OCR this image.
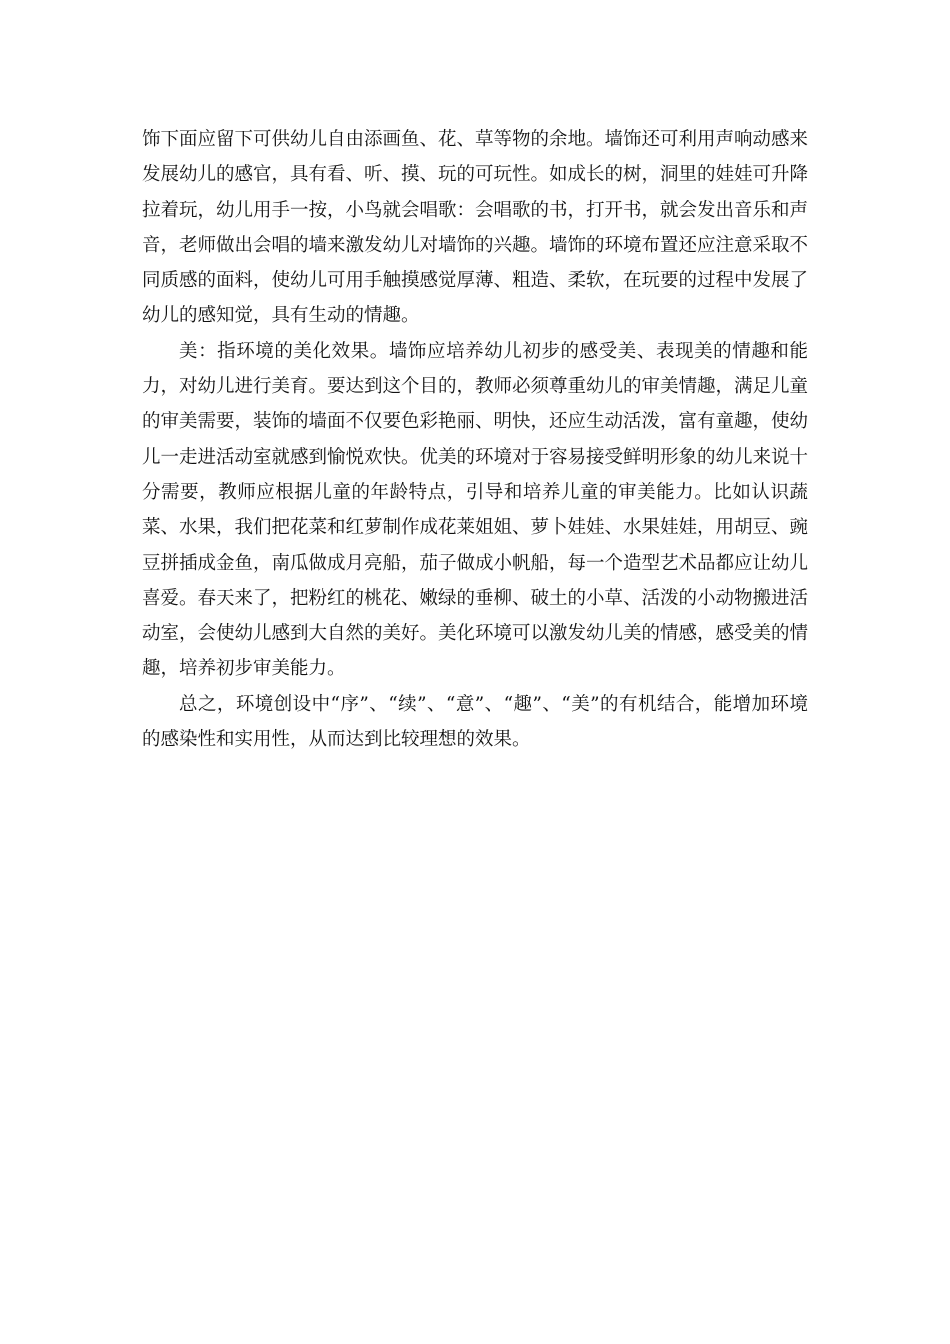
饰下面应留下可供幼儿自由添画鱼、花、草等物的余地。墙饰还可利用声响动感来发展幼儿的感官，具有看、听、摸、玩的可玩性。如成长的树，洞里的娃娃可升降拉着玩，幼儿用手一按，小鸟就会唱歌：会唱歌的书，打开书，就会发出音乐和声音，老师做出会唱的墙来激发幼儿对墙饰的兴趣。墙饰的环境布置还应注意采取不同质感的面料，使幼儿可用手触摸感觉厚薄、粗造、柔软，在玩要的过程中发展了幼儿的感知觉，具有生动的情趣。

美：指环境的美化效果。墙饰应培养幼儿初步的感受美、表现美的情趣和能力，对幼儿进行美育。要达到这个目的，教师必须尊重幼儿的审美情趣，满足儿童的审美需要，装饰的墙面不仅要色彩艳丽、明快，还应生动活泼，富有童趣，使幼儿一走进活动室就感到愉悦欢快。优美的环境对于容易接受鲜明形象的幼儿来说十分需要，教师应根据儿童的年龄特点，引导和培养儿童的审美能力。比如认识蔬菜、水果，我们把花菜和红萝制作成花莱姐姐、萝卜娃娃、水果娃娃，用胡豆、豌豆拼插成金鱼，南瓜做成月亮船，茄子做成小帆船，每一个造型艺术品都应让幼儿喜爱。春天来了，把粉红的桃花、嫩绿的垂柳、破土的小草、活泼的小动物搬进活动室，会使幼儿感到大自然的美好。美化环境可以激发幼儿美的情感，感受美的情趣，培养初步审美能力。

总之，环境创设中“序”、“续”、“意”、“趣”、“美”的有机结合，能增加环境的感染性和实用性，从而达到比较理想的效果。
